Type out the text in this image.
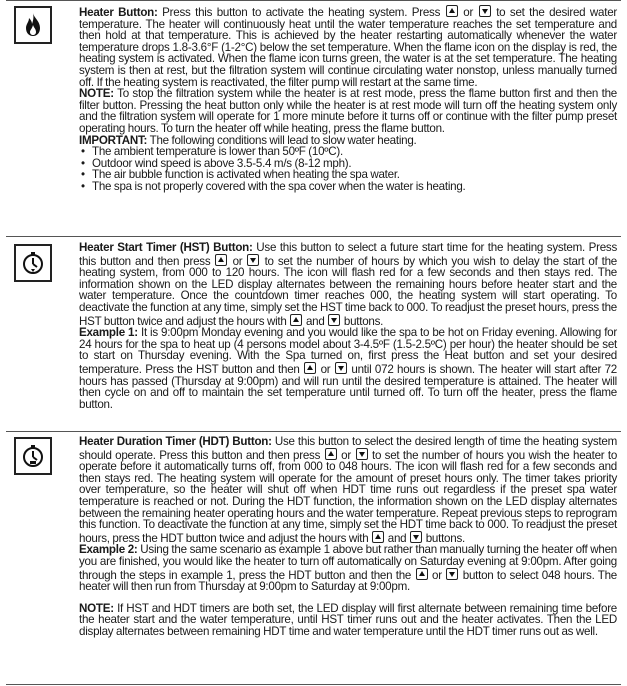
Heater Button: Press this button to activate the heating system. Press or to set the desired water temperature. The heater will continuously heat until the water temperature reaches the set temperature and then hold at that temperature. This is achieved by the heater restarting automatically whenever the water temperature drops 1.8-3.6°F (1-2°C) below the set temperature. When the flame icon on the display is red, the heating system is activated. When the flame icon turns green, the water is at the set temperature. The heating system is then at rest, but the filtration system will continue circulating water nonstop, unless manually turned off. If the heating system is reactivated, the filter pump will restart at the same time.

NOTE: To stop the filtration system while the heater is at rest mode, press the flame button first and then the filter button. Pressing the heat button only while the heater is at rest mode will turn off the heating system only and the filtration system will operate for 1 more minute before it turns off or continue with the filter pump preset operating hours. To turn the heater off while heating, press the flame button.

IMPORTANT: The following conditions will lead to slow water heating.

• The ambient temperature is lower than 50ºF (10ºC).
• Outdoor wind speed is above 3.5-5.4 m/s (8-12 mph).
• The air bubble function is activated when heating the spa water.
• The spa is not properly covered with the spa cover when the water is heating.

Heater Start Timer (HST) Button: Use this button to select a future start time for the heating system. Press this button and then press or to set the number of hours by which you wish to delay the start of the heating system, from 000 to 120 hours. The icon will flash red for a few seconds and then stays red. The information shown on the LED display alternates between the remaining hours before heater start and the water temperature. Once the countdown timer reaches 000, the heating system will start operating. To deactivate the function at any time, simply set the HST time back to 000. To readjust the preset hours, press the HST button twice and adjust the hours with and buttons.

Example 1: It is 9:00pm Monday evening and you would like the spa to be hot on Friday evening. Allowing for 24 hours for the spa to heat up (4 persons model about 3-4.5ºF (1.5-2.5ºC) per hour) the heater should be set to start on Thursday evening. With the Spa turned on, first press the Heat button and set your desired temperature. Press the HST button and then or until 072 hours is shown. The heater will start after 72 hours has passed (Thursday at 9:00pm) and will run until the desired temperature is attained. The heater will then cycle on and off to maintain the set temperature until turned off. To turn off the heater, press the flame button.

Heater Duration Timer (HDT) Button: Use this button to select the desired length of time the heating system should operate. Press this button and then press or to set the number of hours you wish the heater to operate before it automatically turns off, from 000 to 048 hours. The icon will flash red for a few seconds and then stays red. The heating system will operate for the amount of preset hours only. The timer takes priority over temperature, so the heater will shut off when HDT time runs out regardless if the preset spa water temperature is reached or not. During the HDT function, the information shown on the LED display alternates between the remaining heater operating hours and the water temperature. Repeat previous steps to reprogram this function. To deactivate the function at any time, simply set the HDT time back to 000. To readjust the preset hours, press the HDT button twice and adjust the hours with and buttons.

Example 2: Using the same scenario as example 1 above but rather than manually turning the heater off when you are finished, you would like the heater to turn off automatically on Saturday evening at 9:00pm. After going through the steps in example 1, press the HDT button and then the or button to select 048 hours. The heater will then run from Thursday at 9:00pm to Saturday at 9:00pm.

NOTE: If HST and HDT timers are both set, the LED display will first alternate between remaining time before the heater start and the water temperature, until HST timer runs out and the heater activates. Then the LED display alternates between remaining HDT time and water temperature until the HDT timer runs out as well.
